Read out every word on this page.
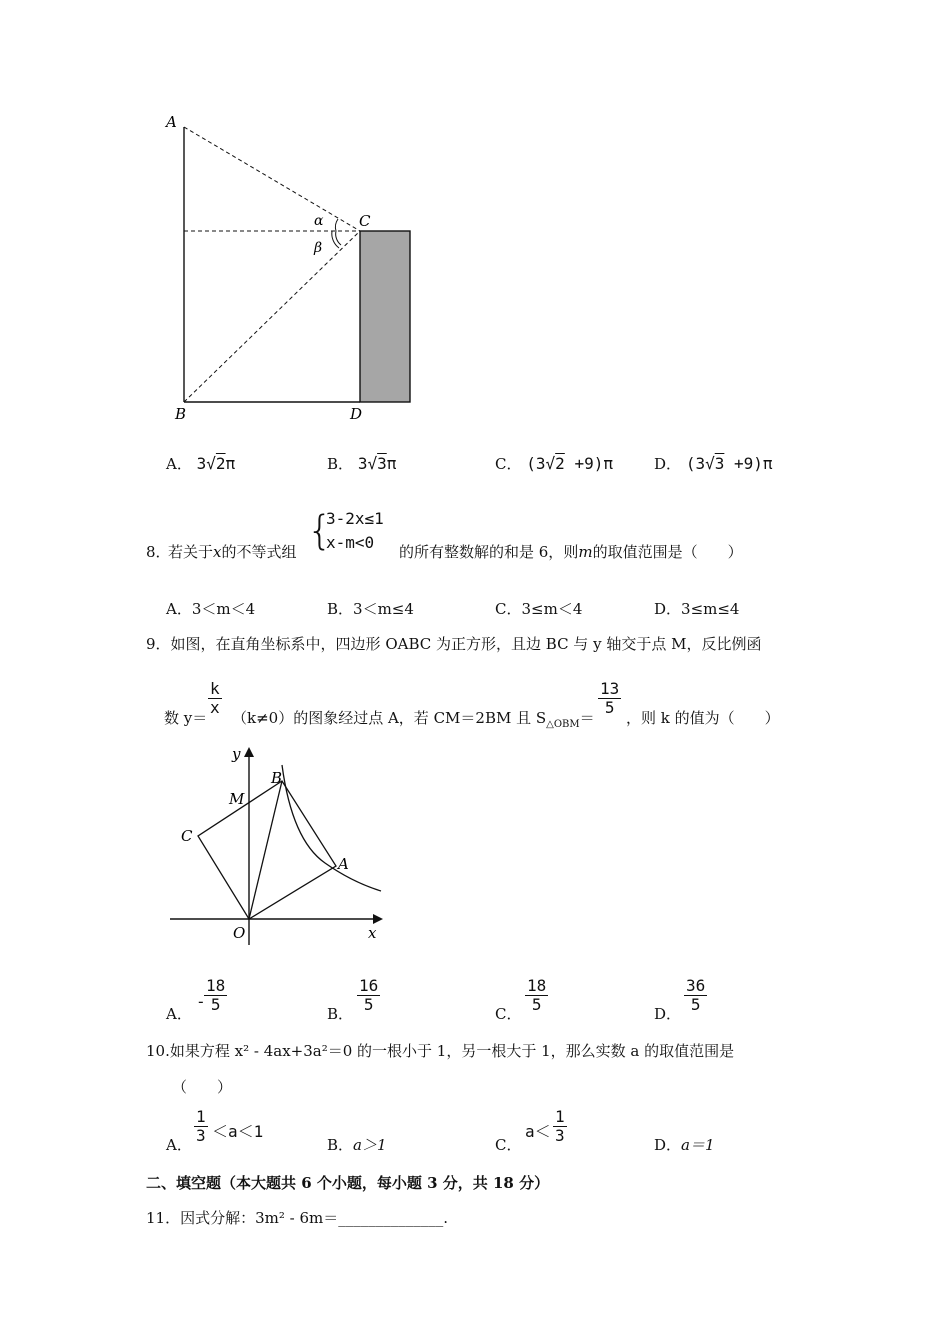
A
B
C
D
α
β
A． 3√2π	B． 3√3π	C． (3√2 +9)π	D． (3√3 +9)π
8．
若关于x的不等式组 {
3-2x≤1
x-m<0 的所有整数解的和是 6，则m的取值范围是（　　）
A．3＜m＜4	B．3＜m≤4	C．3≤m＜4	D．3≤m≤4
9．如图，在直角坐标系中，四边形 OABC 为正方形，且边 BC 与 y 轴交于点 M，反比例函
数 y＝
$\frac{k}{x}$
（k≠0）的图象经过点 A，若 CM＝2BM 且 $S_{\triangle OBM}=$
$\frac{13}{5}$
，则 k 的值为（　　）
y
x
O
A
B
C
M
A．
-
$\frac{18}{5}$	B． $\frac{16}{5}$	C． $\frac{18}{5}$	D． $\frac{36}{5}$
10.如果方程 x² - 4ax+3a²＝0 的一根小于 1，另一根大于 1，那么实数 a 的取值范围是
（　　）
A． $\frac{1}{3} <a<1$
B．a＞1	C．
$a< \frac{1}{3}$	D．a＝1
二、填空题（本大题共 6 个小题，每小题 3 分，共 18 分）
11．因式分解：3m² - 6m＝______________.
